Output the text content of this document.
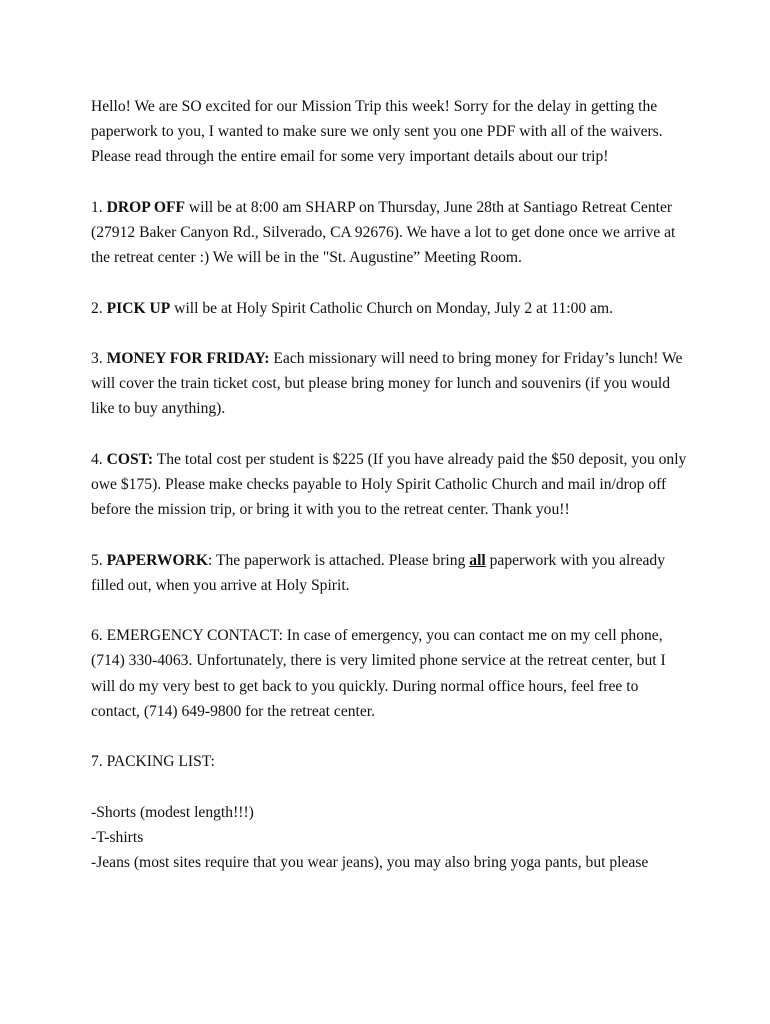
Hello! We are SO excited for our Mission Trip this week! Sorry for the delay in getting the paperwork to you, I wanted to make sure we only sent you one PDF with all of the waivers. Please read through the entire email for some very important details about our trip!

1. DROP OFF will be at 8:00 am SHARP on Thursday, June 28th at Santiago Retreat Center (27912 Baker Canyon Rd., Silverado, CA 92676). We have a lot to get done once we arrive at the retreat center :) We will be in the "St. Augustine” Meeting Room.

2. PICK UP will be at Holy Spirit Catholic Church on Monday, July 2 at 11:00 am.

3. MONEY FOR FRIDAY: Each missionary will need to bring money for Friday’s lunch! We will cover the train ticket cost, but please bring money for lunch and souvenirs (if you would like to buy anything).

4. COST: The total cost per student is $225 (If you have already paid the $50 deposit, you only owe $175). Please make checks payable to Holy Spirit Catholic Church and mail in/drop off before the mission trip, or bring it with you to the retreat center. Thank you!!

5. PAPERWORK: The paperwork is attached. Please bring all paperwork with you already filled out, when you arrive at Holy Spirit.

6. EMERGENCY CONTACT: In case of emergency, you can contact me on my cell phone, (714) 330-4063. Unfortunately, there is very limited phone service at the retreat center, but I will do my very best to get back to you quickly. During normal office hours, feel free to contact, (714) 649-9800 for the retreat center.

7. PACKING LIST:

-Shorts (modest length!!!)

-T-shirts

-Jeans (most sites require that you wear jeans), you may also bring yoga pants, but please
